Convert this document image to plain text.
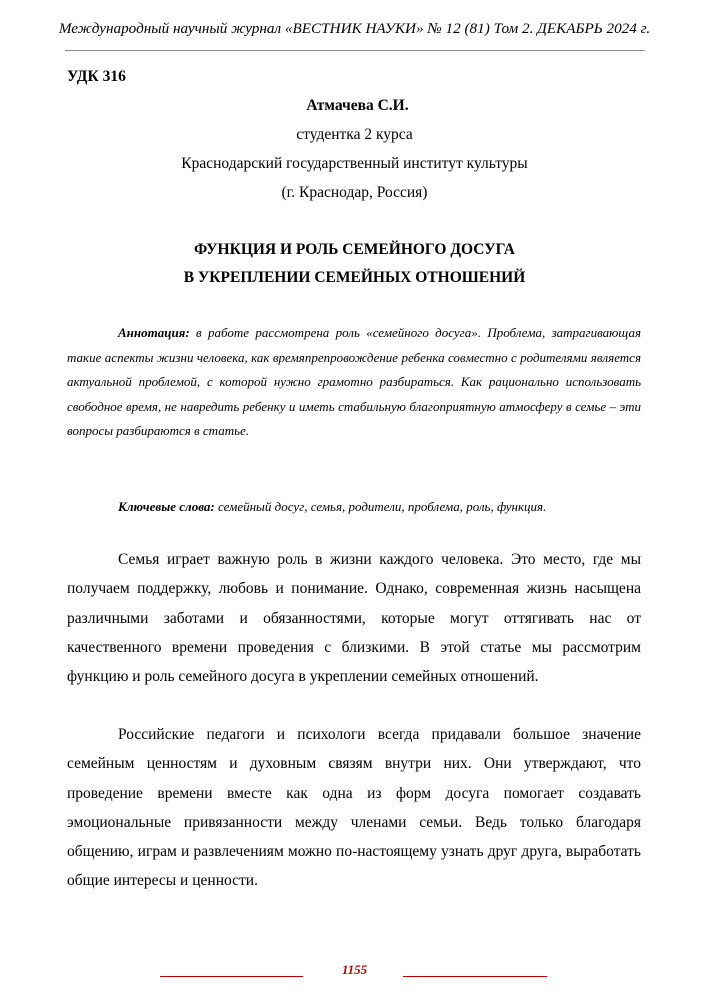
Международный научный журнал «ВЕСТНИК НАУКИ» № 12 (81) Том 2. ДЕКАБРЬ 2024 г.
УДК 316
Атмачева С.И.
студентка 2 курса
Краснодарский государственный институт культуры
(г. Краснодар, Россия)
ФУНКЦИЯ И РОЛЬ СЕМЕЙНОГО ДОСУГА
В УКРЕПЛЕНИИ СЕМЕЙНЫХ ОТНОШЕНИЙ

Аннотация: в работе рассмотрена роль «семейного досуга». Проблема, затрагивающая такие аспекты жизни человека, как времяпрепровождение ребенка совместно с родителями является актуальной проблемой, с которой нужно грамотно разбираться. Как рационально использовать свободное время, не навредить ребенку и иметь стабильную благоприятную атмосферу в семье – эти вопросы разбираются в статье.

Ключевые слова: семейный досуг, семья, родители, проблема, роль, функция.

Семья играет важную роль в жизни каждого человека. Это место, где мы получаем поддержку, любовь и понимание. Однако, современная жизнь насыщена различными заботами и обязанностями, которые могут оттягивать нас от качественного времени проведения с близкими. В этой статье мы рассмотрим функцию и роль семейного досуга в укреплении семейных отношений.

Российские педагоги и психологи всегда придавали большое значение семейным ценностям и духовным связям внутри них. Они утверждают, что проведение времени вместе как одна из форм досуга помогает создавать эмоциональные привязанности между членами семьи. Ведь только благодаря общению, играм и развлечениям можно по-настоящему узнать друг друга, выработать общие интересы и ценности.

1155
